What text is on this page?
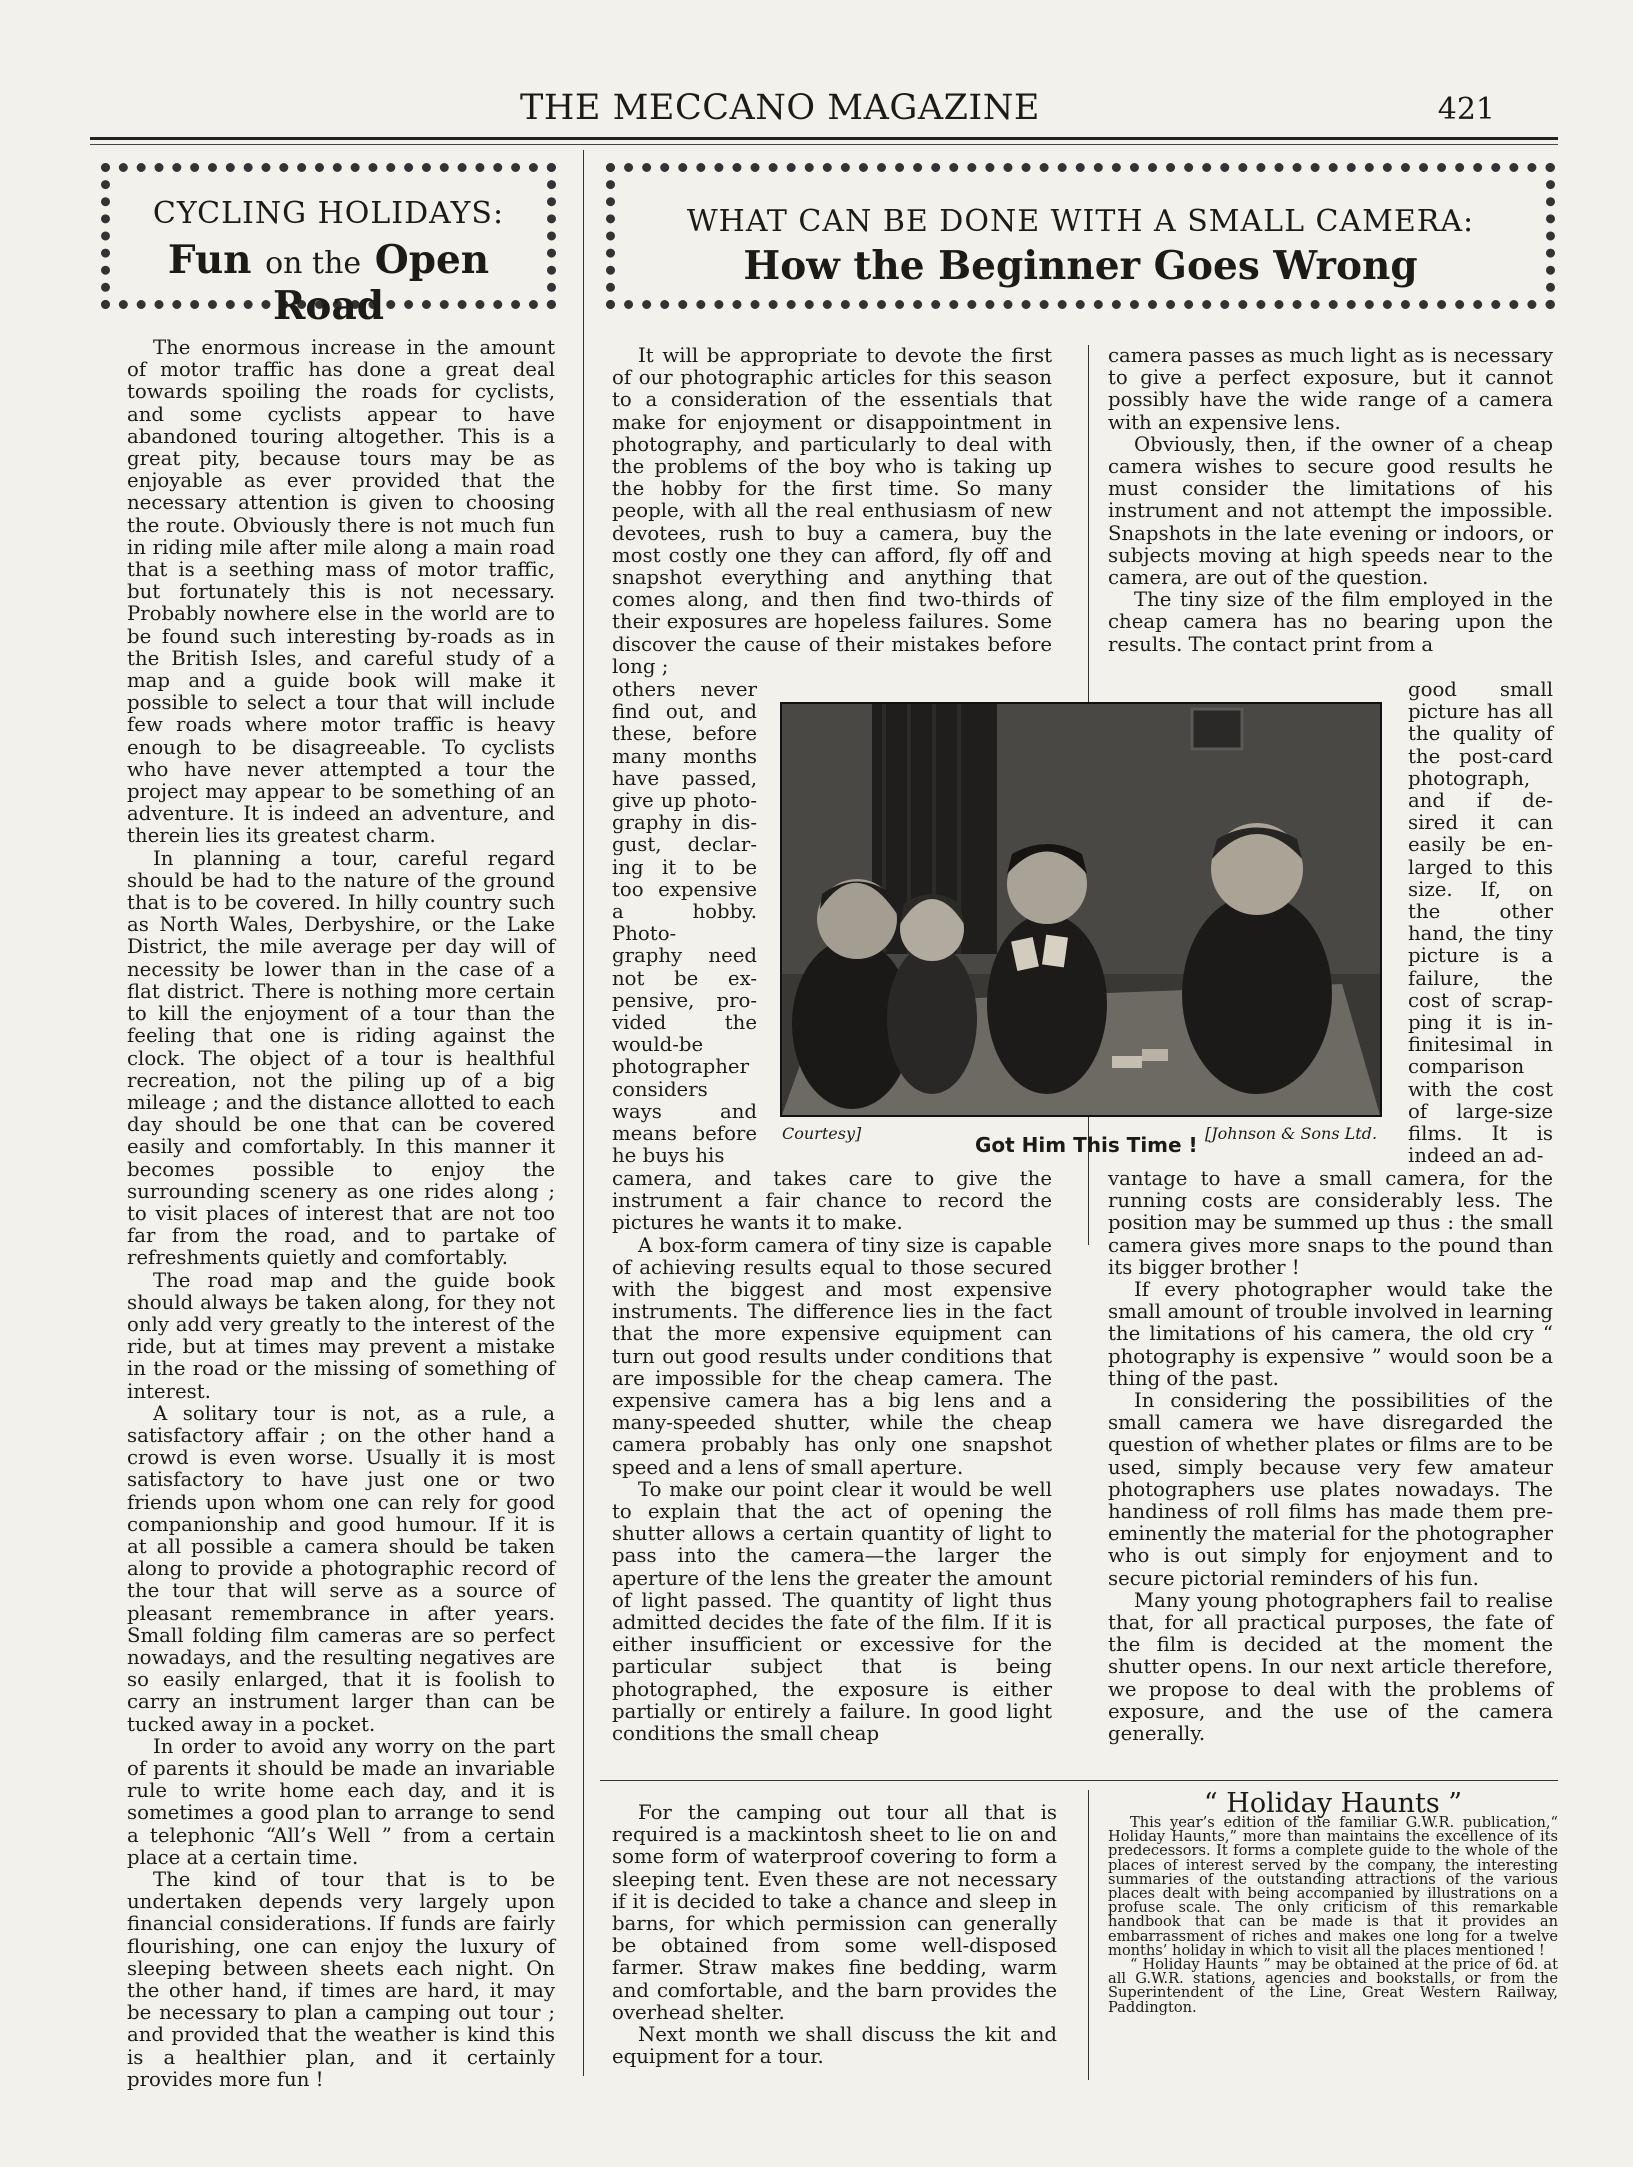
THE MECCANO MAGAZINE	421
CYCLING HOLIDAYS:
Fun on the Open Road
WHAT CAN BE DONE WITH A SMALL CAMERA:
How the Beginner Goes Wrong

The enormous increase in the amount of motor traffic has done a great deal towards spoiling the roads for cyclists, and some cyclists appear to have abandoned touring altogether. This is a great pity, because tours may be as enjoyable as ever provided that the necessary attention is given to choosing the route. Obviously there is not much fun in riding mile after mile along a main road that is a seething mass of motor traffic, but fortunately this is not necessary. Probably nowhere else in the world are to be found such interesting by-roads as in the British Isles, and careful study of a map and a guide book will make it possible to select a tour that will include few roads where motor traffic is heavy enough to be disagreeable. To cyclists who have never attempted a tour the project may appear to be something of an adventure. It is indeed an adventure, and therein lies its greatest charm.

In planning a tour, careful regard should be had to the nature of the ground that is to be covered. In hilly country such as North Wales, Derbyshire, or the Lake District, the mile average per day will of necessity be lower than in the case of a flat district. There is nothing more certain to kill the enjoyment of a tour than the feeling that one is riding against the clock. The object of a tour is healthful recreation, not the piling up of a big mileage ; and the distance allotted to each day should be one that can be covered easily and comfortably. In this manner it becomes possible to enjoy the surrounding scenery as one rides along ; to visit places of interest that are not too far from the road, and to partake of refreshments quietly and comfortably.

The road map and the guide book should always be taken along, for they not only add very greatly to the interest of the ride, but at times may prevent a mistake in the road or the missing of something of interest.

A solitary tour is not, as a rule, a satisfactory affair ; on the other hand a crowd is even worse. Usually it is most satisfactory to have just one or two friends upon whom one can rely for good companionship and good humour. If it is at all possible a camera should be taken along to provide a photographic record of the tour that will serve as a source of pleasant remembrance in after years. Small folding film cameras are so perfect nowadays, and the resulting negatives are so easily enlarged, that it is foolish to carry an instrument larger than can be tucked away in a pocket.

In order to avoid any worry on the part of parents it should be made an invariable rule to write home each day, and it is sometimes a good plan to arrange to send a telephonic “All’s Well ” from a certain place at a certain time.

The kind of tour that is to be undertaken depends very largely upon financial considerations. If funds are fairly flourishing, one can enjoy the luxury of sleeping between sheets each night. On the other hand, if times are hard, it may be necessary to plan a camping out tour ; and provided that the weather is kind this is a healthier plan, and it certainly provides more fun !

It will be appropriate to devote the first of our photographic articles for this season to a consideration of the essentials that make for enjoyment or disappointment in photography, and particularly to deal with the problems of the boy who is taking up the hobby for the first time. So many people, with all the real enthusiasm of new devotees, rush to buy a camera, buy the most costly one they can afford, fly off and snapshot everything and anything that comes along, and then find two-thirds of their exposures are hopeless failures. Some discover the cause of their mistakes before long ;

others never
find out, and
these, before
many months
have passed,
give up photo-
graphy in dis-
gust, declar-
ing it to be
too expensive
a hobby.
Photo-
graphy need
not be ex-
pensive, pro-
vided the
would-be
photographer
considers
ways and
means before
he buys his

camera, and takes care to give the instrument a fair chance to record the pictures he wants it to make.

A box-form camera of tiny size is capable of achieving results equal to those secured with the biggest and most expensive instruments. The difference lies in the fact that the more expensive equipment can turn out good results under conditions that are impossible for the cheap camera. The expensive camera has a big lens and a many-speeded shutter, while the cheap camera probably has only one snapshot speed and a lens of small aperture.

To make our point clear it would be well to explain that the act of opening the shutter allows a certain quantity of light to pass into the camera—the larger the aperture of the lens the greater the amount of light passed. The quantity of light thus admitted decides the fate of the film. If it is either insufficient or excessive for the particular subject that is being photographed, the exposure is either partially or entirely a failure. In good light conditions the small cheap

camera passes as much light as is necessary to give a perfect exposure, but it cannot possibly have the wide range of a camera with an expensive lens.

Obviously, then, if the owner of a cheap camera wishes to secure good results he must consider the limitations of his instrument and not attempt the impossible. Snapshots in the late evening or indoors, or subjects moving at high speeds near to the camera, are out of the question.

The tiny size of the film employed in the cheap camera has no bearing upon the results. The contact print from a

good small
picture has all
the quality of
the post-card
photograph,
and if de-
sired it can
easily be en-
larged to this
size. If, on
the other
hand, the tiny
picture is a
failure, the
cost of scrap-
ping it is in-
finitesimal in
comparison
with the cost
of large-size
films. It is
indeed an ad-

vantage to have a small camera, for the running costs are considerably less. The position may be summed up thus : the small camera gives more snaps to the pound than its bigger brother !

If every photographer would take the small amount of trouble involved in learning the limitations of his camera, the old cry “ photography is expensive ” would soon be a thing of the past.

In considering the possibilities of the small camera we have disregarded the question of whether plates or films are to be used, simply because very few amateur photographers use plates nowadays. The handiness of roll films has made them pre-eminently the material for the photographer who is out simply for enjoyment and to secure pictorial reminders of his fun.

Many young photographers fail to realise that, for all practical purposes, the fate of the film is decided at the moment the shutter opens. In our next article therefore, we propose to deal with the problems of exposure, and the use of the camera generally.

Courtesy]	Got Him This Time ! [Johnson & Sons Ltd.

For the camping out tour all that is required is a mackintosh sheet to lie on and some form of waterproof covering to form a sleeping tent. Even these are not necessary if it is decided to take a chance and sleep in barns, for which permission can generally be obtained from some well-disposed farmer. Straw makes fine bedding, warm and comfortable, and the barn provides the overhead shelter.

Next month we shall discuss the kit and equipment for a tour.

“ Holiday Haunts ”

This year’s edition of the familiar G.W.R. publication,“ Holiday Haunts,” more than maintains the excellence of its predecessors. It forms a complete guide to the whole of the places of interest served by the company, the interesting summaries of the outstanding attractions of the various places dealt with being accompanied by illustrations on a profuse scale. The only criticism of this remarkable handbook that can be made is that it provides an embarrassment of riches and makes one long for a twelve months’ holiday in which to visit all the places mentioned !

“ Holiday Haunts ” may be obtained at the price of 6d. at all G.W.R. stations, agencies and bookstalls, or from the Superintendent of the Line, Great Western Railway, Paddington.
